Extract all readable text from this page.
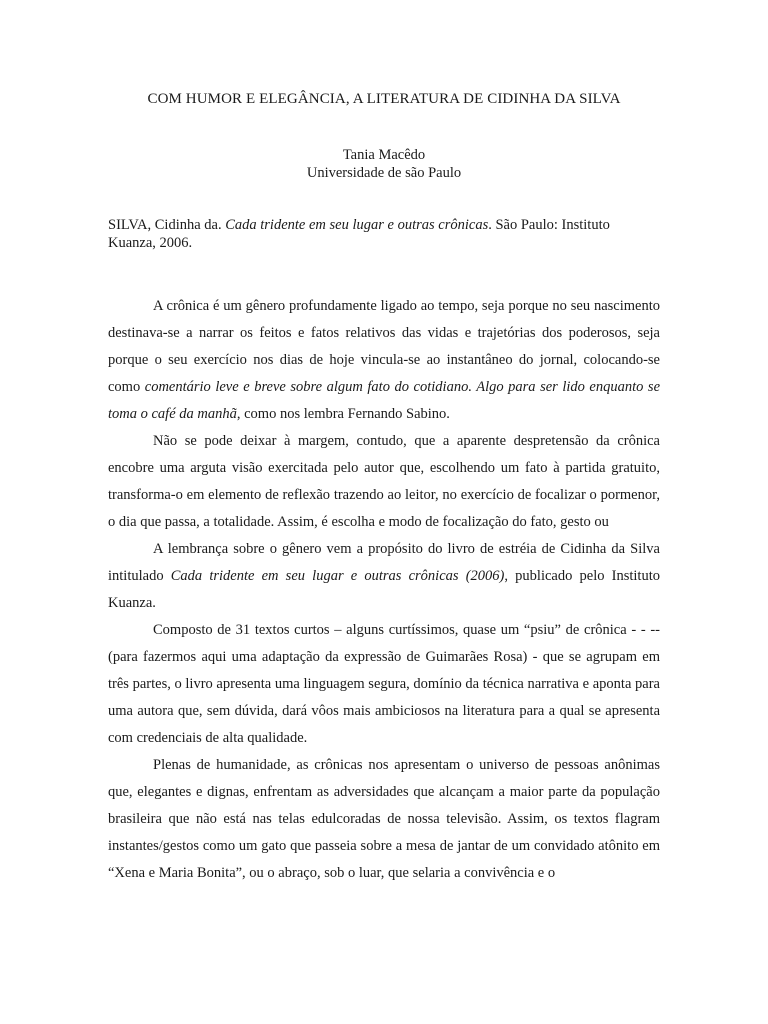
COM HUMOR E ELEGÂNCIA, A LITERATURA DE CIDINHA DA SILVA
Tania Macêdo
Universidade de são Paulo
SILVA, Cidinha da. Cada tridente em seu lugar e outras crônicas. São Paulo: Instituto Kuanza, 2006.

A crônica é um gênero profundamente ligado ao tempo, seja porque no seu nascimento destinava-se a narrar os feitos e fatos relativos das vidas e trajetórias dos poderosos, seja porque o seu exercício nos dias de hoje vincula-se ao instantâneo do jornal, colocando-se como comentário leve e breve sobre algum fato do cotidiano. Algo para ser lido enquanto se toma o café da manhã, como nos lembra Fernando Sabino.

Não se pode deixar à margem, contudo, que a aparente despretensão da crônica encobre uma arguta visão exercitada pelo autor que, escolhendo um fato à partida gratuito, transforma-o em elemento de reflexão trazendo ao leitor, no exercício de focalizar o pormenor, o dia que passa, a totalidade. Assim, é escolha e modo de focalização do fato, gesto ou

A lembrança sobre o gênero vem a propósito do livro de estréia de Cidinha da Silva intitulado Cada tridente em seu lugar e outras crônicas (2006), publicado pelo Instituto Kuanza.

Composto de 31 textos curtos – alguns curtíssimos, quase um “psiu” de crônica - - -- (para fazermos aqui uma adaptação da expressão de Guimarães Rosa) - que se agrupam em três partes, o livro apresenta uma linguagem segura, domínio da técnica narrativa e aponta para uma autora que, sem dúvida, dará vôos mais ambiciosos na literatura para a qual se apresenta com credenciais de alta qualidade.

Plenas de humanidade, as crônicas nos apresentam o universo de pessoas anônimas que, elegantes e dignas, enfrentam as adversidades que alcançam a maior parte da população brasileira que não está nas telas edulcoradas de nossa televisão. Assim, os textos flagram instantes/gestos como um gato que passeia sobre a mesa de jantar de um convidado atônito em “Xena e Maria Bonita”, ou o abraço, sob o luar, que selaria a convivência e o
